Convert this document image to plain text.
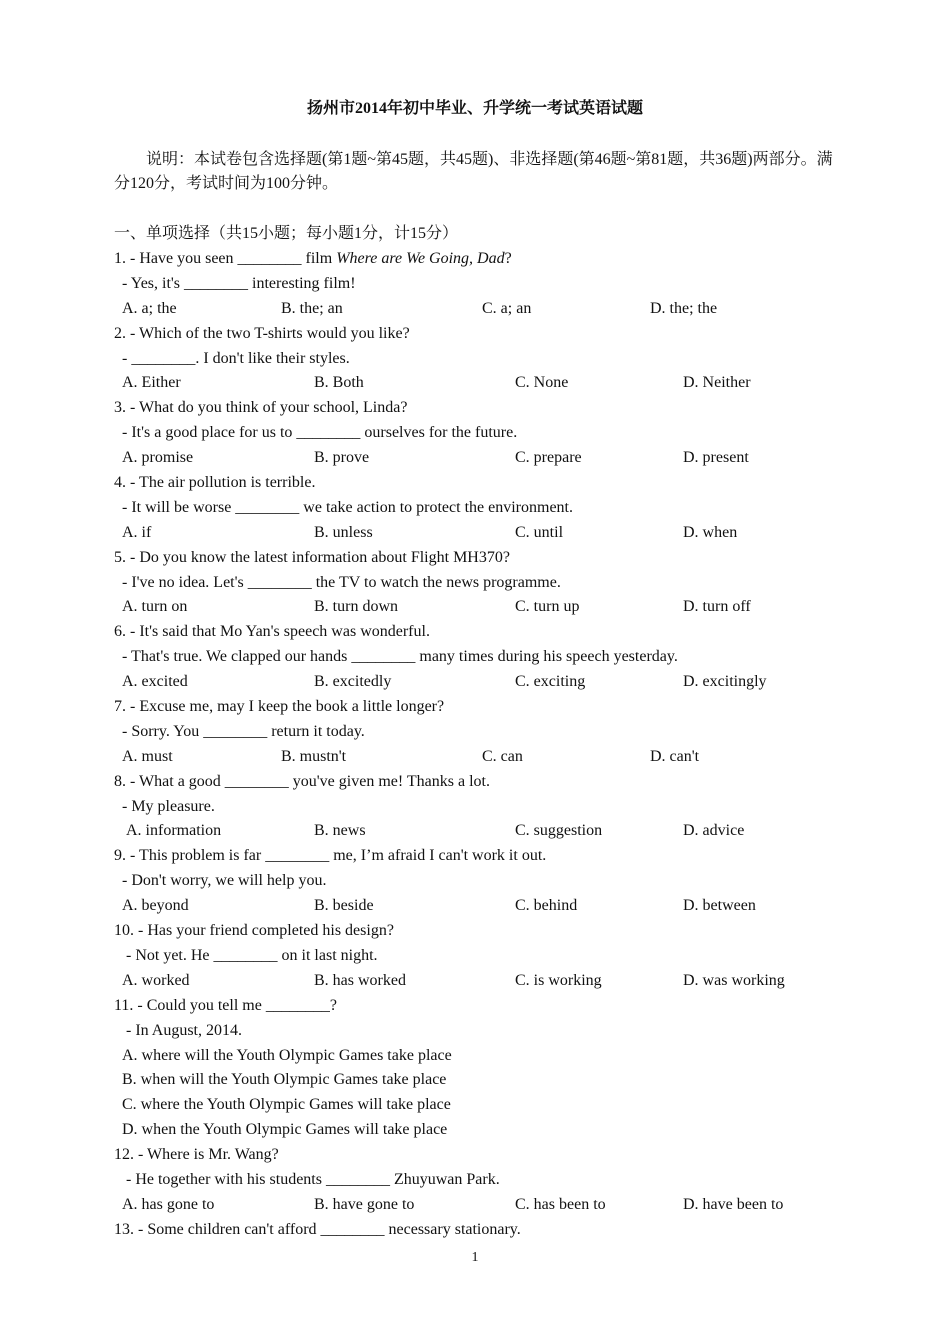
扬州市2014年初中毕业、升学统一考试英语试题
说明：本试卷包含选择题(第1题~第45题，共45题)、非选择题(第46题~第81题，共36题)两部分。满分120分，考试时间为100分钟。
一、单项选择（共15小题；每小题1分，计15分）
1. - Have you seen ________ film Where are We Going, Dad?
- Yes, it's ________ interesting film!
A. a; the	B. the; an	C. a; an	D. the; the
2. - Which of the two T-shirts would you like?
- ________. I don't like their styles.
A. Either	B. Both	C. None	D. Neither
3. - What do you think of your school, Linda?
- It's a good place for us to ________ ourselves for the future.
A. promise	B. prove	C. prepare	D. present
4. - The air pollution is terrible.
- It will be worse ________ we take action to protect the environment.
A. if	B. unless	C. until	D. when
5. - Do you know the latest information about Flight MH370?
- I've no idea. Let's ________ the TV to watch the news programme.
A. turn on	B. turn down	C. turn up	D. turn off
6. - It's said that Mo Yan's speech was wonderful.
- That's true. We clapped our hands ________ many times during his speech yesterday.
A. excited	B. excitedly	C. exciting	D. excitingly
7. - Excuse me, may I keep the book a little longer?
- Sorry. You ________ return it today.
A. must	B. mustn't	C. can	D. can't
8. - What a good ________ you've given me! Thanks a lot.
- My pleasure.
A. information	B. news	C. suggestion	D. advice
9. - This problem is far ________ me, I’m afraid I can't work it out.
- Don't worry, we will help you.
A. beyond	B. beside	C. behind	D. between
10. - Has your friend completed his design?
- Not yet. He ________ on it last night.
A. worked	B. has worked	C. is working	D. was working
11. - Could you tell me ________?
- In August, 2014.
A. where will the Youth Olympic Games take place
B. when will the Youth Olympic Games take place
C. where the Youth Olympic Games will take place
D. when the Youth Olympic Games will take place
12. - Where is Mr. Wang?
- He together with his students ________ Zhuyuwan Park.
A. has gone to	B. have gone to	C. has been to	D. have been to
13. - Some children can't afford ________ necessary stationary.
1
